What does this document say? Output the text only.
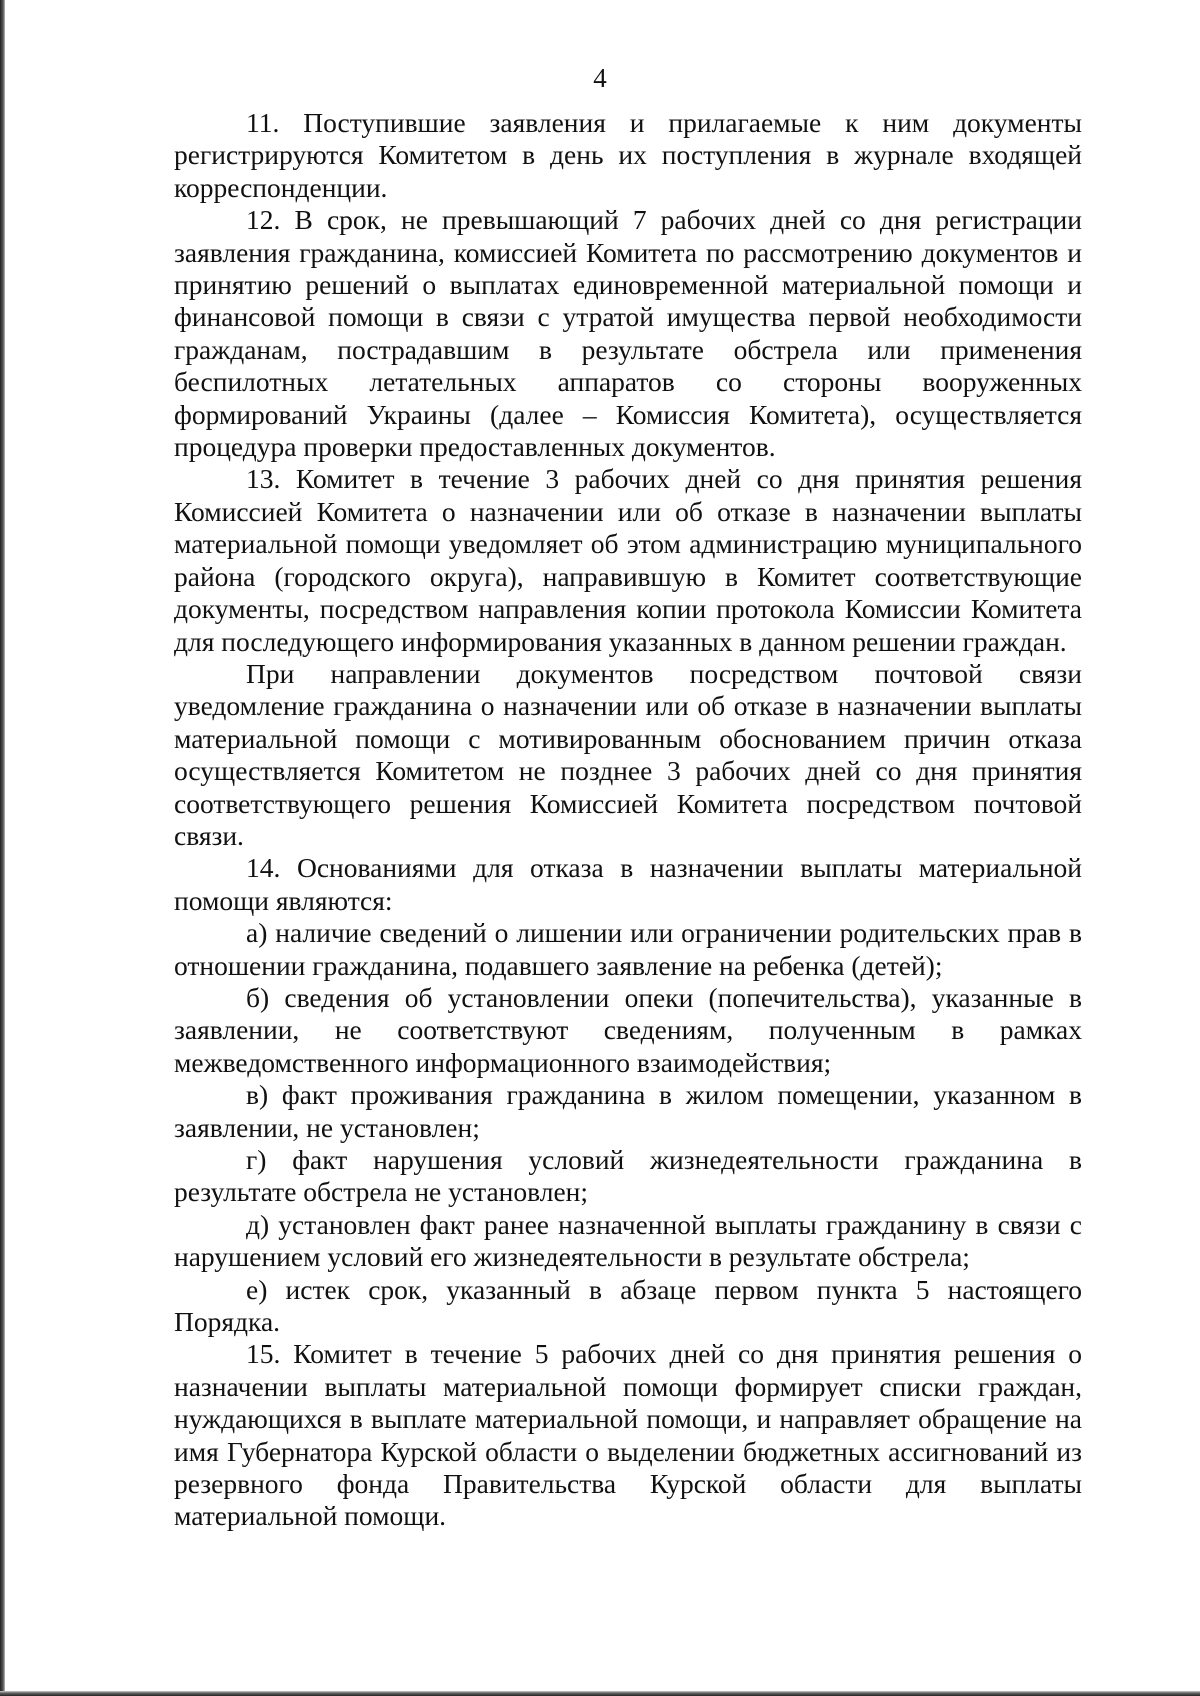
4

11. Поступившие заявления и прилагаемые к ним документы регистрируются Комитетом в день их поступления в журнале входящей корреспонденции.

12. В срок, не превышающий 7 рабочих дней со дня регистрации заявления гражданина, комиссией Комитета по рассмотрению документов и принятию решений о выплатах единовременной материальной помощи и финансовой помощи в связи с утратой имущества первой необходимости гражданам, пострадавшим в результате обстрела или применения беспилотных летательных аппаратов со стороны вооруженных формирований Украины (далее – Комиссия Комитета), осуществляется процедура проверки предоставленных документов.

13. Комитет в течение 3 рабочих дней со дня принятия решения Комиссией Комитета о назначении или об отказе в назначении выплаты материальной помощи уведомляет об этом администрацию муниципального района (городского округа), направившую в Комитет соответствующие документы, посредством направления копии протокола Комиссии Комитета для последующего информирования указанных в данном решении граждан.

При направлении документов посредством почтовой связи уведомление гражданина о назначении или об отказе в назначении выплаты материальной помощи с мотивированным обоснованием причин отказа осуществляется Комитетом не позднее 3 рабочих дней со дня принятия соответствующего решения Комиссией Комитета посредством почтовой связи.

14. Основаниями для отказа в назначении выплаты материальной помощи являются:

а) наличие сведений о лишении или ограничении родительских прав в отношении гражданина, подавшего заявление на ребенка (детей);

б) сведения об установлении опеки (попечительства), указанные в заявлении, не соответствуют сведениям, полученным в рамках межведомственного информационного взаимодействия;

в) факт проживания гражданина в жилом помещении, указанном в заявлении, не установлен;

г) факт нарушения условий жизнедеятельности гражданина в результате обстрела не установлен;

д) установлен факт ранее назначенной выплаты гражданину в связи с нарушением условий его жизнедеятельности в результате обстрела;

е) истек срок, указанный в абзаце первом пункта 5 настоящего Порядка.

15. Комитет в течение 5 рабочих дней со дня принятия решения о назначении выплаты материальной помощи формирует списки граждан, нуждающихся в выплате материальной помощи, и направляет обращение на имя Губернатора Курской области о выделении бюджетных ассигнований из резервного фонда Правительства Курской области для выплаты материальной помощи.
